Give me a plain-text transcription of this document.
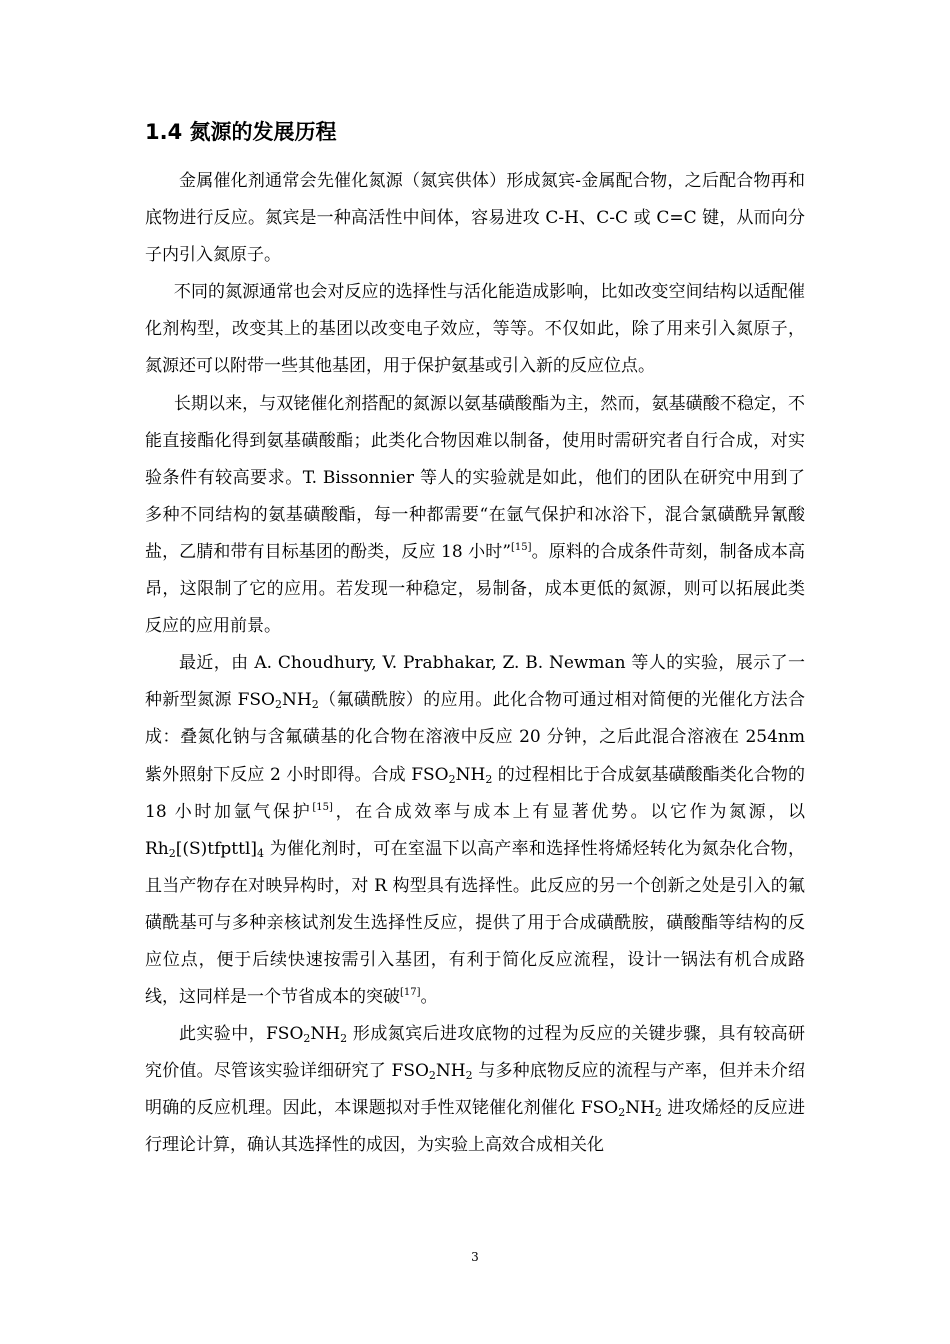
1.4 氮源的发展历程

金属催化剂通常会先催化氮源（氮宾供体）形成氮宾-金属配合物，之后配合物再和底物进行反应。氮宾是一种高活性中间体，容易进攻 C-H、C-C 或 C=C 键，从而向分子内引入氮原子。

不同的氮源通常也会对反应的选择性与活化能造成影响，比如改变空间结构以适配催化剂构型，改变其上的基团以改变电子效应，等等。不仅如此，除了用来引入氮原子，氮源还可以附带一些其他基团，用于保护氨基或引入新的反应位点。

长期以来，与双铑催化剂搭配的氮源以氨基磺酸酯为主，然而，氨基磺酸不稳定，不能直接酯化得到氨基磺酸酯；此类化合物因难以制备，使用时需研究者自行合成，对实验条件有较高要求。T. Bissonnier 等人的实验就是如此，他们的团队在研究中用到了多种不同结构的氨基磺酸酯，每一种都需要“在氩气保护和冰浴下，混合氯磺酰异氰酸盐，乙腈和带有目标基团的酚类，反应 18 小时”[15]。原料的合成条件苛刻，制备成本高昂，这限制了它的应用。若发现一种稳定，易制备，成本更低的氮源，则可以拓展此类反应的应用前景。

最近，由 A. Choudhury, V. Prabhakar, Z. B. Newman 等人的实验，展示了一种新型氮源 $FSO_2NH_2$（氟磺酰胺）的应用。此化合物可通过相对简便的光催化方法合成：叠氮化钠与含氟磺基的化合物在溶液中反应 20 分钟，之后此混合溶液在 254nm 紫外照射下反应 2 小时即得。合成 $FSO_2NH_2$ 的过程相比于合成氨基磺酸酯类化合物的 18 小时加氩气保护[15]，在合成效率与成本上有显著优势。以它作为氮源，以 $Rh_2[(S)tfpttl]_4$ 为催化剂时，可在室温下以高产率和选择性将烯烃转化为氮杂化合物，且当产物存在对映异构时，对 R 构型具有选择性。此反应的另一个创新之处是引入的氟磺酰基可与多种亲核试剂发生选择性反应，提供了用于合成磺酰胺，磺酸酯等结构的反应位点，便于后续快速按需引入基团，有利于简化反应流程，设计一锅法有机合成路线，这同样是一个节省成本的突破[17]。

此实验中，$FSO_2NH_2$ 形成氮宾后进攻底物的过程为反应的关键步骤，具有较高研究价值。尽管该实验详细研究了 $FSO_2NH_2$ 与多种底物反应的流程与产率，但并未介绍明确的反应机理。因此，本课题拟对手性双铑催化剂催化 $FSO_2NH_2$ 进攻烯烃的反应进行理论计算，确认其选择性的成因，为实验上高效合成相关化

3
